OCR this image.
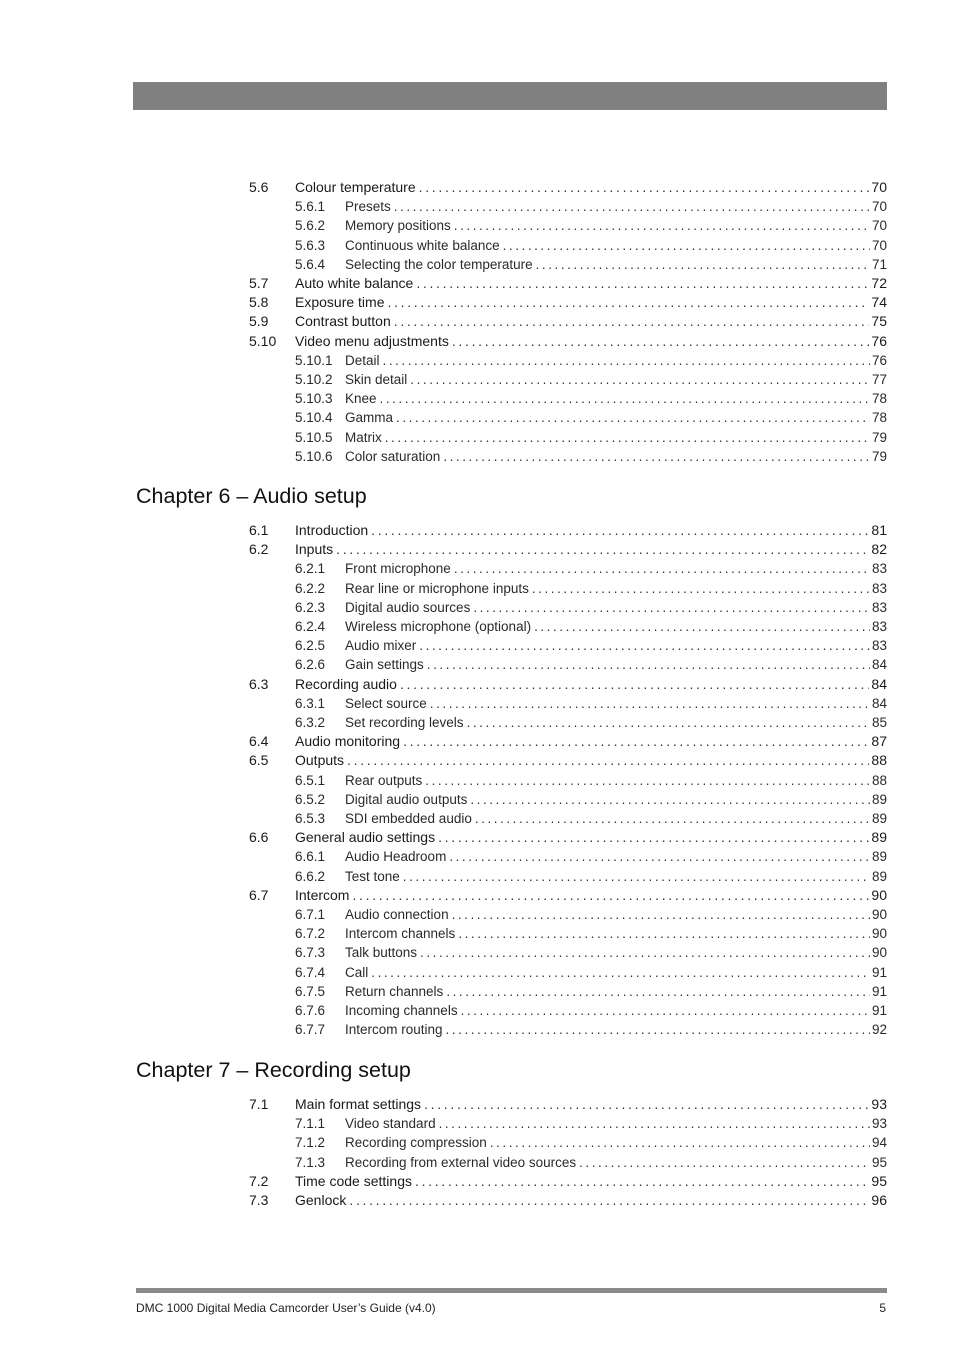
5.6	Colour temperature . . .	70
5.6.1	Presets . . .	70
5.6.2	Memory positions . . .	70
5.6.3	Continuous white balance . . .	70
5.6.4	Selecting the color temperature . . .	71
5.7	Auto white balance . . .	72
5.8	Exposure time . . .	74
5.9	Contrast button . . .	75
5.10	Video menu adjustments . . .	76
5.10.1 Detail . . .	76
5.10.2 Skin detail . . .	77
5.10.3 Knee . . .	78
5.10.4 Gamma . . .	78
5.10.5 Matrix . . .	79
5.10.6 Color saturation . . .	79
Chapter 6 – Audio setup
6.1	Introduction . . .	81
6.2	Inputs . . .	82
6.2.1	Front microphone . . .	83
6.2.2	Rear line or microphone inputs . . .	83
6.2.3	Digital audio sources . . .	83
6.2.4	Wireless microphone (optional) . . .	83
6.2.5	Audio mixer . . .	83
6.2.6	Gain settings . . .	84
6.3	Recording audio . . .	84
6.3.1	Select source . . .	84
6.3.2	Set recording levels . . .	85
6.4	Audio monitoring . . .	87
6.5	Outputs . . .	88
6.5.1	Rear outputs . . .	88
6.5.2	Digital audio outputs . . .	89
6.5.3	SDI embedded audio . . .	89
6.6	General audio settings . . .	89
6.6.1	Audio Headroom . . .	89
6.6.2	Test tone . . .	89
6.7	Intercom . . .	90
6.7.1	Audio connection . . .	90
6.7.2	Intercom channels . . .	90
6.7.3	Talk buttons . . .	90
6.7.4	Call . . .	91
6.7.5	Return channels . . .	91
6.7.6	Incoming channels . . .	91
6.7.7	Intercom routing . . .	92
Chapter 7 – Recording setup
7.1	Main format settings . . .	93
7.1.1	Video standard . . .	93
7.1.2	Recording compression . . .	94
7.1.3	Recording from external video sources . . .	95
7.2	Time code settings . . .	95
7.3	Genlock . . .	96
DMC 1000 Digital Media Camcorder User’s Guide (v4.0)	5
